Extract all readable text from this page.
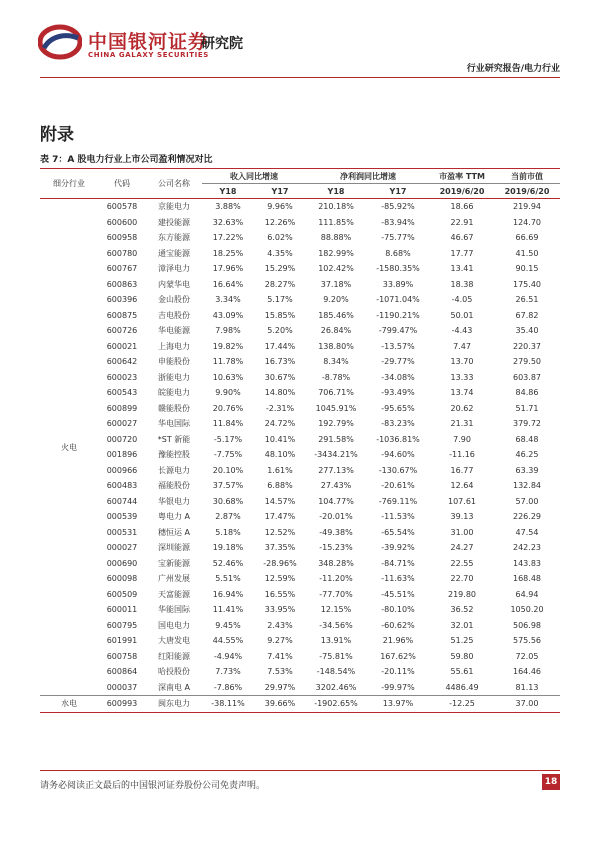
中国银河证券
CHINA GALAXY SECURITIES
研究院
行业研究报告/电力行业
附录
表 7：A 股电力行业上市公司盈利情况对比
细分行业	代码	公司名称	收入同比增速		净利润同比增速		市盈率 TTM	当前市值
			Y18	Y17	Y18	Y17	2019/6/20	2019/6/20
火电	600578	京能电力	3.88%	9.96%	210.18%	-85.92%	18.66	219.94
	600600	建投能源	32.63%	12.26%	111.85%	-83.94%	22.91	124.70
	600958	东方能源	17.22%	6.02%	88.88%	-75.77%	46.67	66.69
	600780	通宝能源	18.25%	4.35%	182.99%	8.68%	17.77	41.50
	600767	漳泽电力	17.96%	15.29%	102.42%	-1580.35%	13.41	90.15
	600863	内蒙华电	16.64%	28.27%	37.18%	33.89%	18.38	175.40
	600396	金山股份	3.34%	5.17%	9.20%	-1071.04%	-4.05	26.51
	600875	吉电股份	43.09%	15.85%	185.46%	-1190.21%	50.01	67.82
	600726	华电能源	7.98%	5.20%	26.84%	-799.47%	-4.43	35.40
	600021	上海电力	19.82%	17.44%	138.80%	-13.57%	7.47	220.37
	600642	申能股份	11.78%	16.73%	8.34%	-29.77%	13.70	279.50
	600023	浙能电力	10.63%	30.67%	-8.78%	-34.08%	13.33	603.87
	600543	皖能电力	9.90%	14.80%	706.71%	-93.49%	13.74	84.86
	600899	赣能股份	20.76%	-2.31%	1045.91%	-95.65%	20.62	51.71
	600027	华电国际	11.84%	24.72%	192.79%	-83.23%	21.31	379.72
	000720	*ST 新能	-5.17%	10.41%	291.58%	-1036.81%	7.90	68.48
	001896	豫能控股	-7.75%	48.10%	-3434.21%	-94.60%	-11.16	46.25
	000966	长源电力	20.10%	1.61%	277.13%	-130.67%	16.77	63.39
	600483	福能股份	37.57%	6.88%	27.43%	-20.61%	12.64	132.84
	600744	华银电力	30.68%	14.57%	104.77%	-769.11%	107.61	57.00
	000539	粤电力 A	2.87%	17.47%	-20.01%	-11.53%	39.13	226.29
	000531	穗恒运 A	5.18%	12.52%	-49.38%	-65.54%	31.00	47.54
	000027	深圳能源	19.18%	37.35%	-15.23%	-39.92%	24.27	242.23
	000690	宝新能源	52.46%	-28.96%	348.28%	-84.71%	22.55	143.83
	600098	广州发展	5.51%	12.59%	-11.20%	-11.63%	22.70	168.48
	600509	天富能源	16.94%	16.55%	-77.70%	-45.51%	219.80	64.94
	600011	华能国际	11.41%	33.95%	12.15%	-80.10%	36.52	1050.20
	600795	国电电力	9.45%	2.43%	-34.56%	-60.62%	32.01	506.98
	601991	大唐发电	44.55%	9.27%	13.91%	21.96%	51.25	575.56
	600758	红阳能源	-4.94%	7.41%	-75.81%	167.62%	59.80	72.05
	600864	哈投股份	7.73%	7.53%	-148.54%	-20.11%	55.61	164.46
	000037	深南电 A	-7.86%	29.97%	3202.46%	-99.97%	4486.49	81.13
水电	600993	闽东电力	-38.11%	39.66%	-1902.65%	13.97%	-12.25	37.00
请务必阅读正文最后的中国银河证券股份公司免责声明。	18
